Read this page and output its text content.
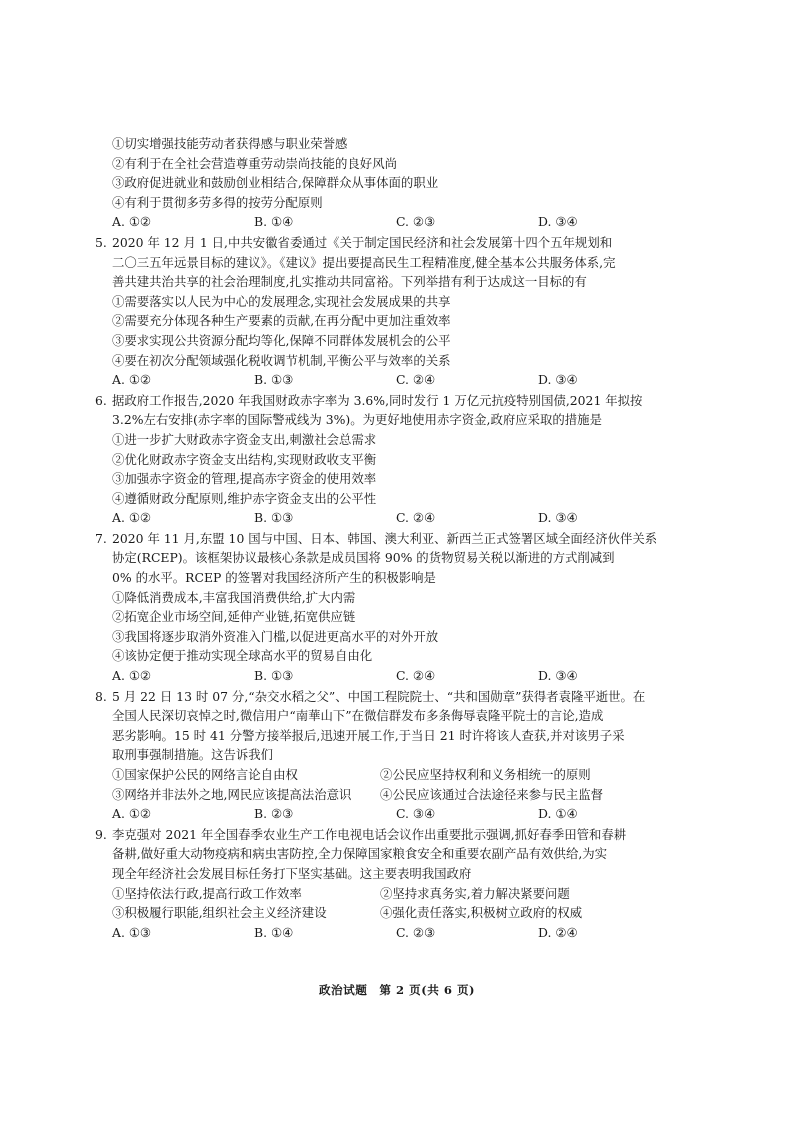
①切实增强技能劳动者获得感与职业荣誉感
②有利于在全社会营造尊重劳动崇尚技能的良好风尚
③政府促进就业和鼓励创业相结合,保障群众从事体面的职业
④有利于贯彻多劳多得的按劳分配原则
A. ①②	B. ①④	C. ②③	D. ③④
5. 2020 年 12 月 1 日,中共安徽省委通过《关于制定国民经济和社会发展第十四个五年规划和
二〇三五年远景目标的建议》。《建议》提出要提高民生工程精准度,健全基本公共服务体系,完
善共建共治共享的社会治理制度,扎实推动共同富裕。下列举措有利于达成这一目标的有
①需要落实以人民为中心的发展理念,实现社会发展成果的共享
②需要充分体现各种生产要素的贡献,在再分配中更加注重效率
③要求实现公共资源分配均等化,保障不同群体发展机会的公平
④要在初次分配领域强化税收调节机制,平衡公平与效率的关系
A. ①②	B. ①③	C. ②④	D. ③④
6. 据政府工作报告,2020 年我国财政赤字率为 3.6%,同时发行 1 万亿元抗疫特别国债,2021 年拟按
3.2%左右安排(赤字率的国际警戒线为 3%)。为更好地使用赤字资金,政府应采取的措施是
①进一步扩大财政赤字资金支出,刺激社会总需求
②优化财政赤字资金支出结构,实现财政收支平衡
③加强赤字资金的管理,提高赤字资金的使用效率
④遵循财政分配原则,维护赤字资金支出的公平性
A. ①②	B. ①③	C. ②④	D. ③④
7. 2020 年 11 月,东盟 10 国与中国、日本、韩国、澳大利亚、新西兰正式签署区域全面经济伙伴关系
协定(RCEP)。该框架协议最核心条款是成员国将 90% 的货物贸易关税以渐进的方式削减到
0% 的水平。RCEP 的签署对我国经济所产生的积极影响是
①降低消费成本,丰富我国消费供给,扩大内需
②拓宽企业市场空间,延伸产业链,拓宽供应链
③我国将逐步取消外资准入门槛,以促进更高水平的对外开放
④该协定便于推动实现全球高水平的贸易自由化
A. ①②	B. ①③	C. ②④	D. ③④
8. 5 月 22 日 13 时 07 分,“杂交水稻之父”、中国工程院院士、“共和国勋章”获得者袁隆平逝世。在
全国人民深切哀悼之时,微信用户“南華山下”在微信群发布多条侮辱袁隆平院士的言论,造成
恶劣影响。15 时 41 分警方接举报后,迅速开展工作,于当日 21 时许将该人查获,并对该男子采
取刑事强制措施。这告诉我们
①国家保护公民的网络言论自由权	②公民应坚持权利和义务相统一的原则
③网络并非法外之地,网民应该提高法治意识	④公民应该通过合法途径来参与民主监督
A. ①②	B. ②③	C. ③④	D. ①④
9. 李克强对 2021 年全国春季农业生产工作电视电话会议作出重要批示强调,抓好春季田管和春耕
备耕,做好重大动物疫病和病虫害防控,全力保障国家粮食安全和重要农副产品有效供给,为实
现全年经济社会发展目标任务打下坚实基础。这主要表明我国政府
①坚持依法行政,提高行政工作效率	②坚持求真务实,着力解决紧要问题
③积极履行职能,组织社会主义经济建设	④强化责任落实,积极树立政府的权威
A. ①③	B. ①④	C. ②③	D. ②④
政治试题　第 2 页(共 6 页)
